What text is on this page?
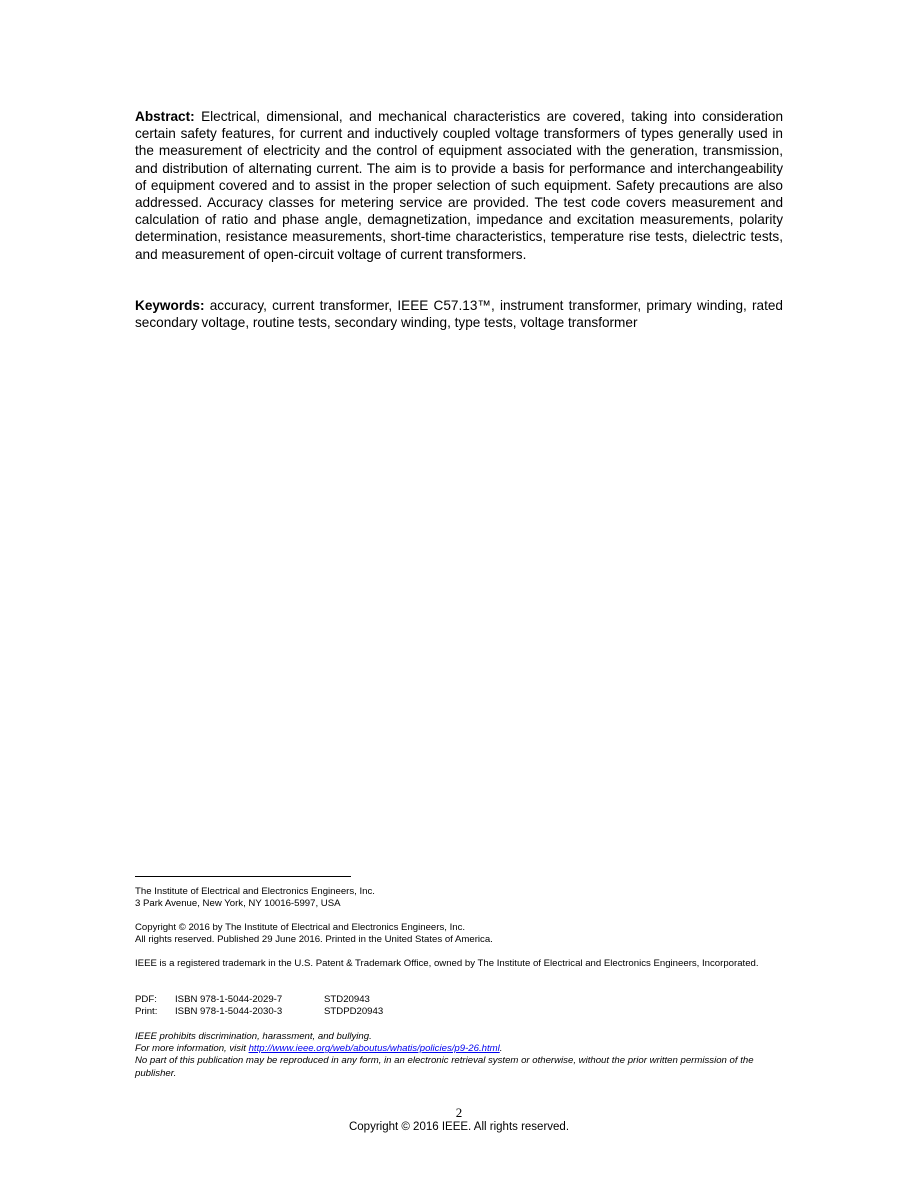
Abstract: Electrical, dimensional, and mechanical characteristics are covered, taking into consideration certain safety features, for current and inductively coupled voltage transformers of types generally used in the measurement of electricity and the control of equipment associated with the generation, transmission, and distribution of alternating current. The aim is to provide a basis for performance and interchangeability of equipment covered and to assist in the proper selection of such equipment. Safety precautions are also addressed. Accuracy classes for metering service are provided. The test code covers measurement and calculation of ratio and phase angle, demagnetization, impedance and excitation measurements, polarity determination, resistance measurements, short-time characteristics, temperature rise tests, dielectric tests, and measurement of open-circuit voltage of current transformers.

Keywords: accuracy, current transformer, IEEE C57.13™, instrument transformer, primary winding, rated secondary voltage, routine tests, secondary winding, type tests, voltage transformer

The Institute of Electrical and Electronics Engineers, Inc.
3 Park Avenue, New York, NY 10016-5997, USA
Copyright © 2016 by The Institute of Electrical and Electronics Engineers, Inc.
All rights reserved. Published 29 June 2016. Printed in the United States of America.
IEEE is a registered trademark in the U.S. Patent & Trademark Office, owned by The Institute of Electrical and Electronics Engineers, Incorporated.
PDF: ISBN 978-1-5044-2029-7	STD20943
Print: ISBN 978-1-5044-2030-3	STDPD20943
IEEE prohibits discrimination, harassment, and bullying.
For more information, visit http://www.ieee.org/web/aboutus/whatis/policies/p9-26.html.
No part of this publication may be reproduced in any form, in an electronic retrieval system or otherwise, without the prior written permission of the publisher.
2
Copyright © 2016 IEEE. All rights reserved.
